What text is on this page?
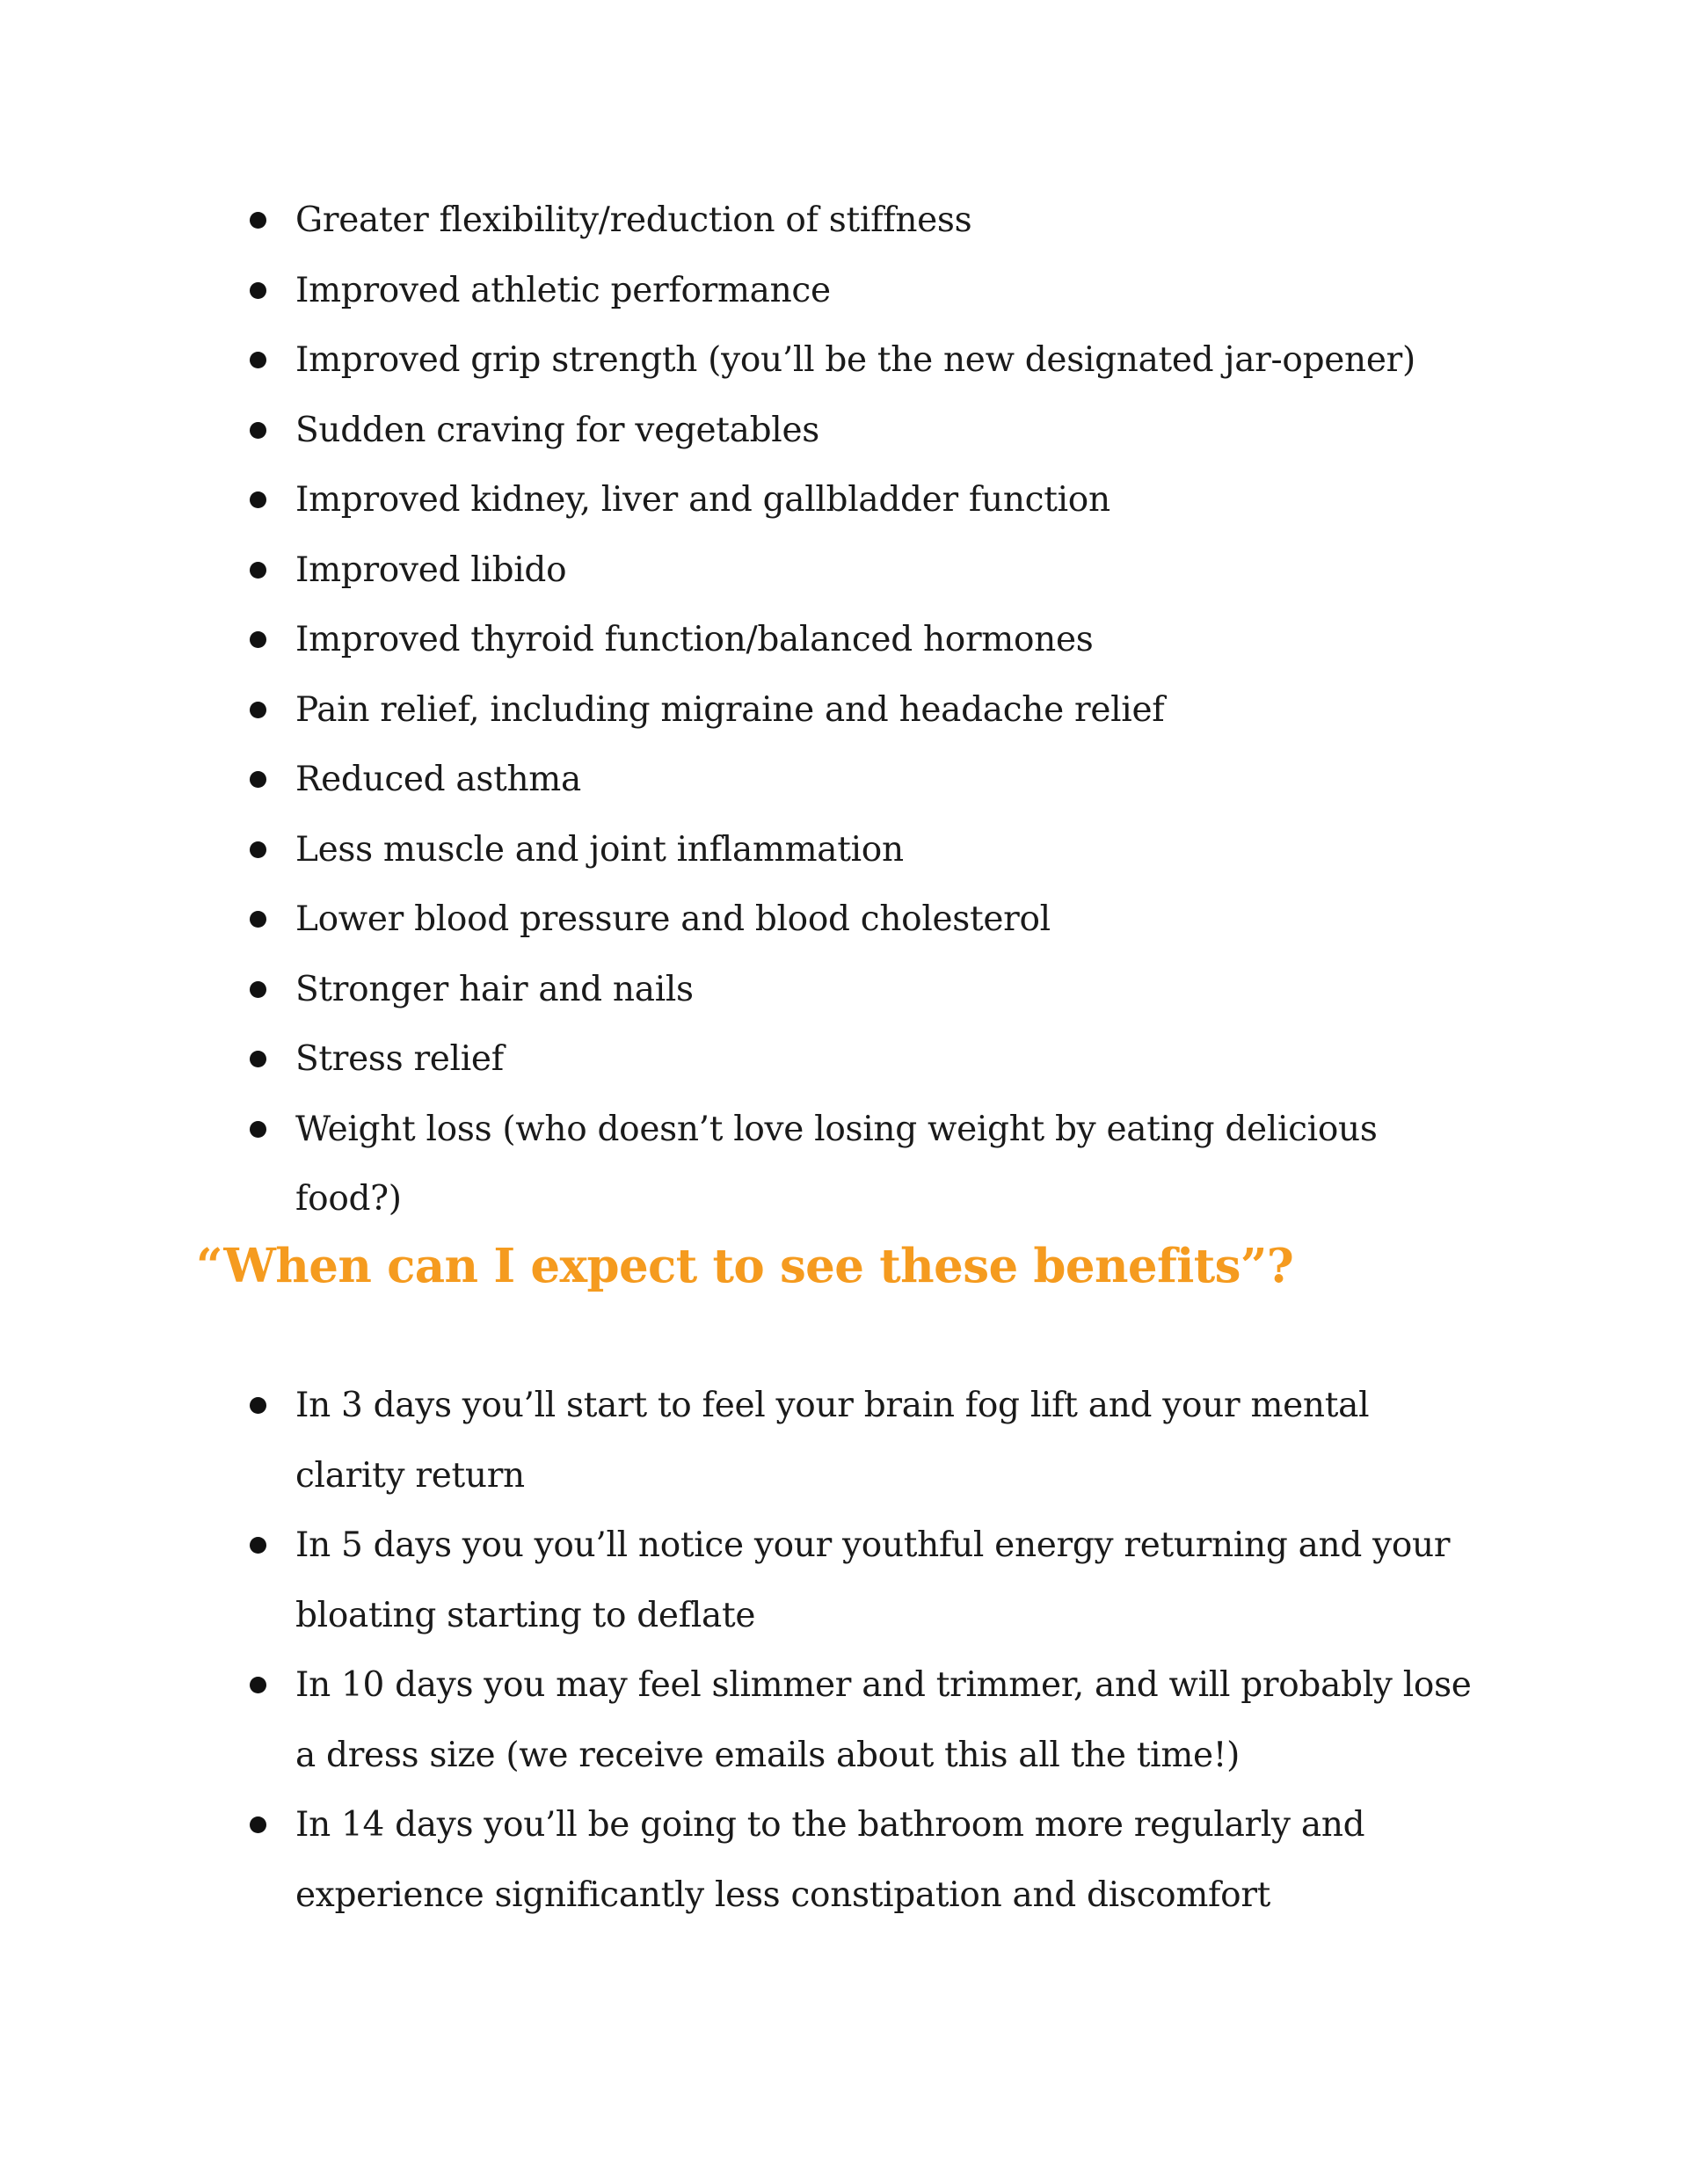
Greater flexibility/reduction of stiffness
Improved athletic performance
Improved grip strength (you’ll be the new designated jar-opener)
Sudden craving for vegetables
Improved kidney, liver and gallbladder function
Improved libido
Improved thyroid function/balanced hormones
Pain relief, including migraine and headache relief
Reduced asthma
Less muscle and joint inflammation
Lower blood pressure and blood cholesterol
Stronger hair and nails
Stress relief
Weight loss (who doesn’t love losing weight by eating delicious food?)
“When can I expect to see these benefits”?
In 3 days you’ll start to feel your brain fog lift and your mental clarity return
In 5 days you you’ll notice your youthful energy returning and your bloating starting to deflate
In 10 days you may feel slimmer and trimmer, and will probably lose a dress size (we receive emails about this all the time!)
In 14 days you’ll be going to the bathroom more regularly and experience significantly less constipation and discomfort
